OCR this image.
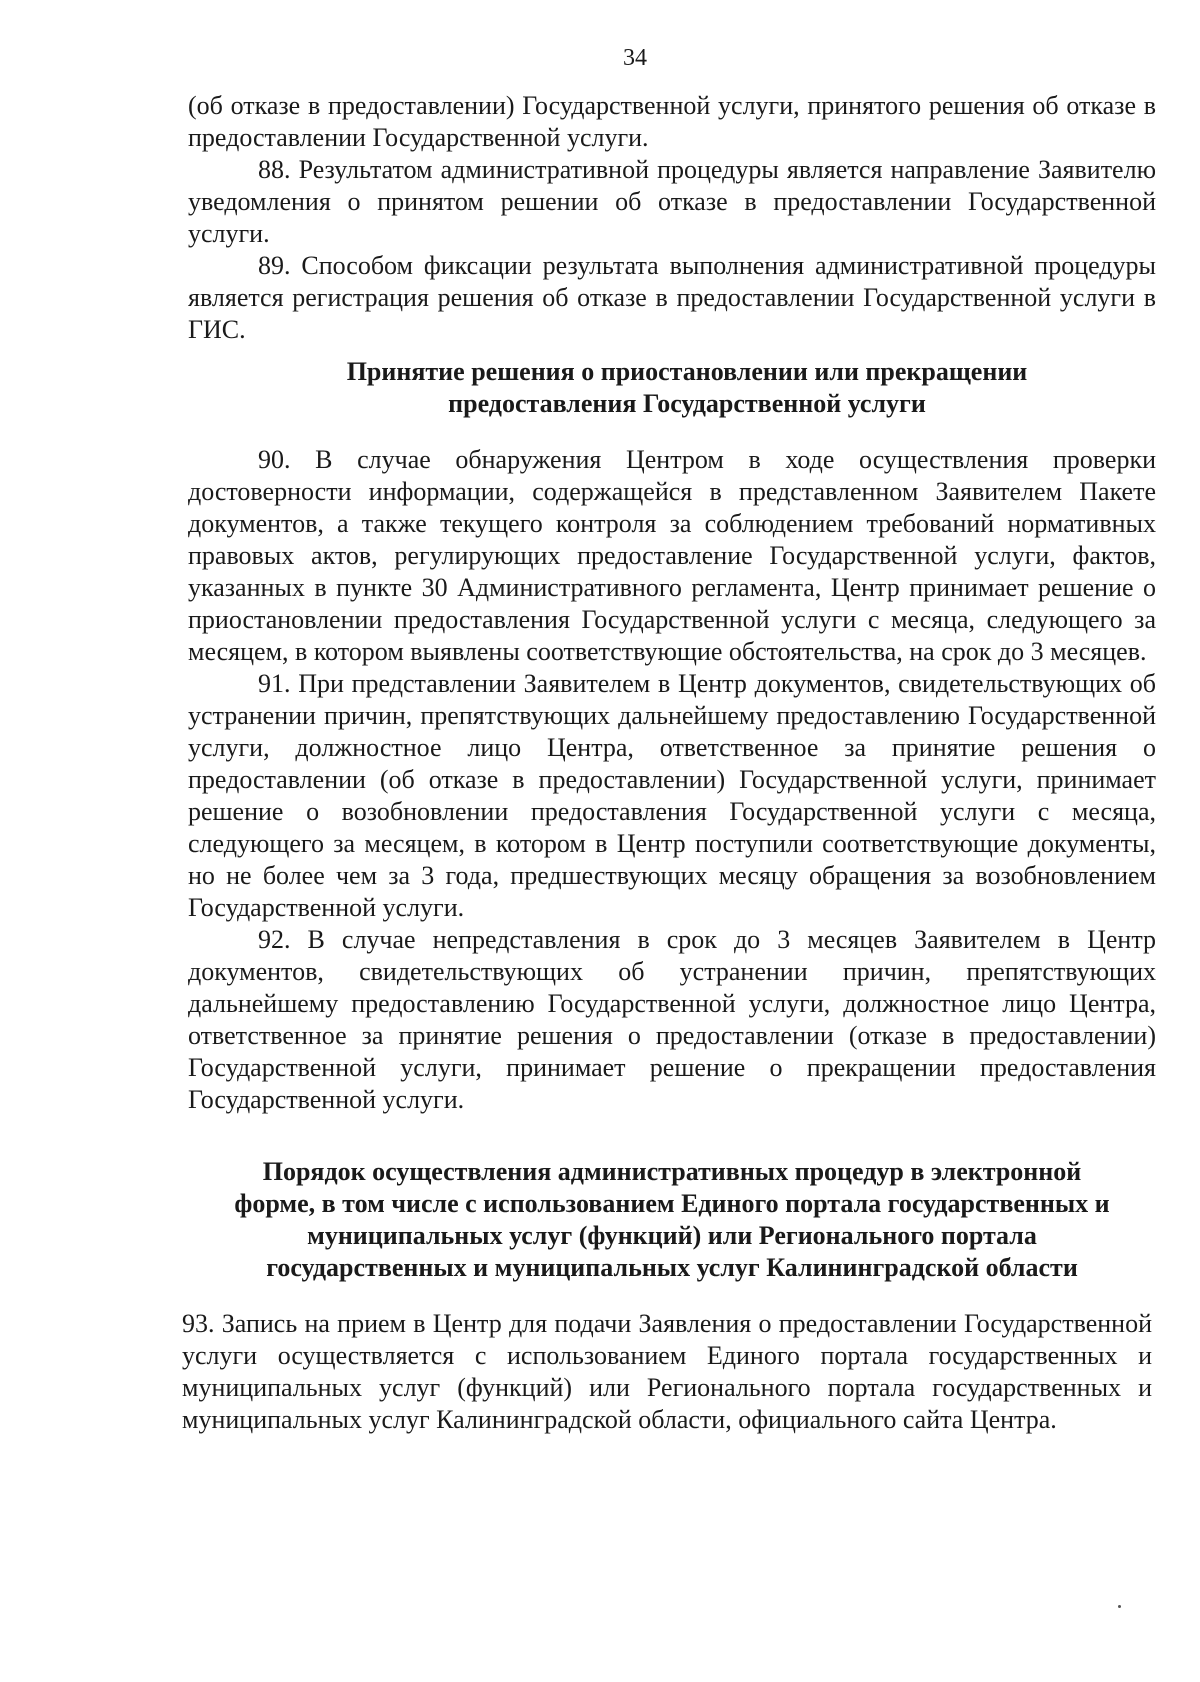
34

(об отказе в предоставлении) Государственной услуги, принятого решения об отказе в предоставлении Государственной услуги.

88. Результатом административной процедуры является направление Заявителю уведомления о принятом решении об отказе в предоставлении Государственной услуги.

89. Способом фиксации результата выполнения административной процедуры является регистрация решения об отказе в предоставлении Государственной услуги в ГИС.

Принятие решения о приостановлении или прекращении
предоставления Государственной услуги

90. В случае обнаружения Центром в ходе осуществления проверки достоверности информации, содержащейся в представленном Заявителем Пакете документов, а также текущего контроля за соблюдением требований нормативных правовых актов, регулирующих предоставление Государственной услуги, фактов, указанных в пункте 30 Административного регламента, Центр принимает решение о приостановлении предоставления Государственной услуги с месяца, следующего за месяцем, в котором выявлены соответствующие обстоятельства, на срок до 3 месяцев.

91. При представлении Заявителем в Центр документов, свидетельствующих об устранении причин, препятствующих дальнейшему предоставлению Государственной услуги, должностное лицо Центра, ответственное за принятие решения о предоставлении (об отказе в предоставлении) Государственной услуги, принимает решение о возобновлении предоставления Государственной услуги с месяца, следующего за месяцем, в котором в Центр поступили соответствующие документы, но не более чем за 3 года, предшествующих месяцу обращения за возобновлением Государственной услуги.

92. В случае непредставления в срок до 3 месяцев Заявителем в Центр документов, свидетельствующих об устранении причин, препятствующих дальнейшему предоставлению Государственной услуги, должностное лицо Центра, ответственное за принятие решения о предоставлении (отказе в предоставлении) Государственной услуги, принимает решение о прекращении предоставления Государственной услуги.

Порядок осуществления административных процедур в электронной
форме, в том числе с использованием Единого портала государственных и
муниципальных услуг (функций) или Регионального портала
государственных и муниципальных услуг Калининградской области

93. Запись на прием в Центр для подачи Заявления о предоставлении Государственной услуги осуществляется с использованием Единого портала государственных и муниципальных услуг (функций) или Регионального портала государственных и муниципальных услуг Калининградской области, официального сайта Центра.
